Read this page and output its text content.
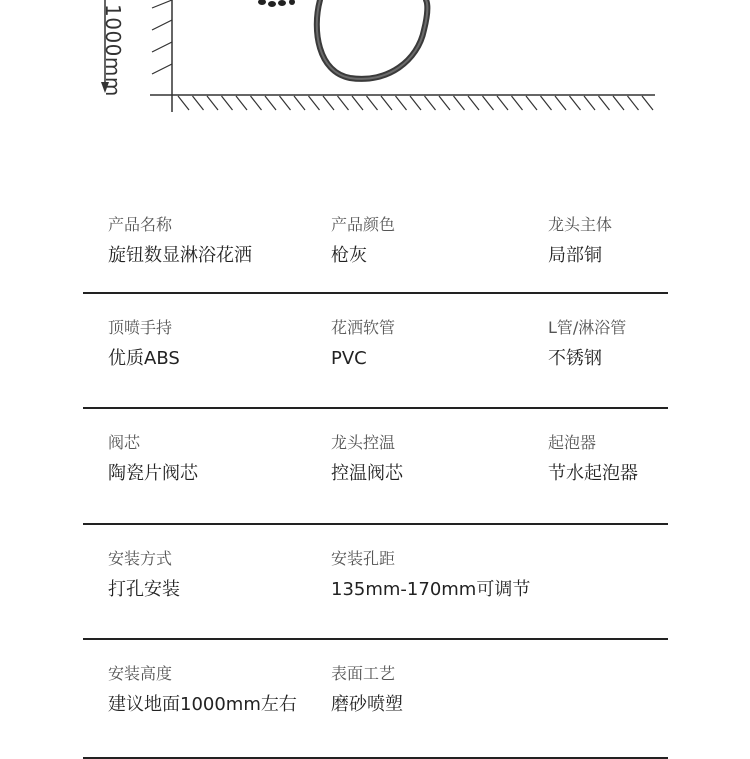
1000mm
产品名称
旋钮数显淋浴花洒
产品颜色
枪灰
龙头主体
局部铜
顶喷手持
优质ABS
花洒软管
PVC
L管/淋浴管
不锈钢
阀芯
陶瓷片阀芯
龙头控温
控温阀芯
起泡器
节水起泡器
安装方式
打孔安装
安装孔距
135mm-170mm可调节
安装高度
建议地面1000mm左右
表面工艺
磨砂喷塑
